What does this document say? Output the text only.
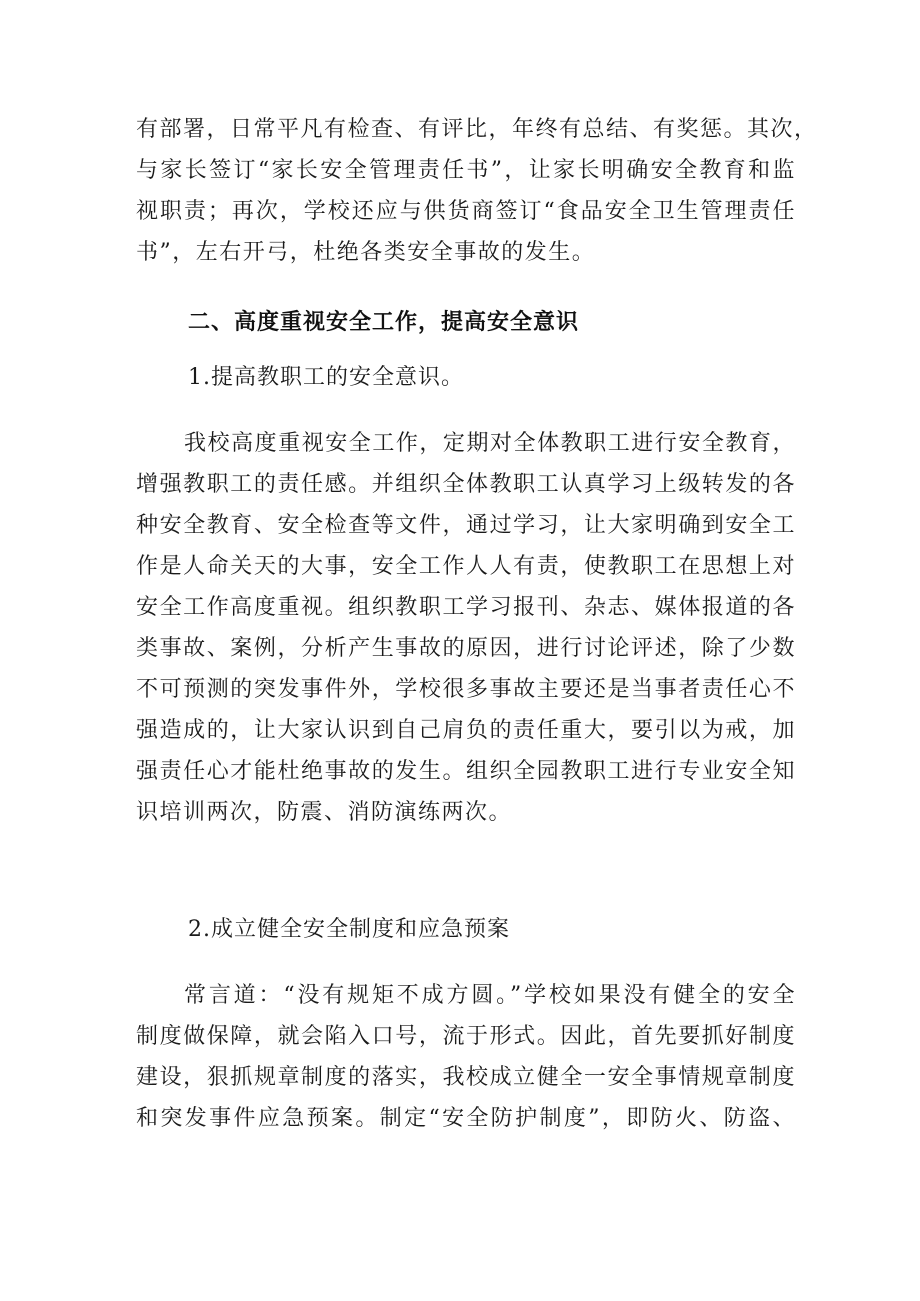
有部署，日常平凡有检查、有评比，年终有总结、有奖惩。其次，
与家长签订“家长安全管理责任书”，让家长明确安全教育和监
视职责；再次，学校还应与供货商签订“食品安全卫生管理责任
书”，左右开弓，杜绝各类安全事故的发生。
二、高度重视安全工作，提高安全意识
1.提高教职工的安全意识。
我校高度重视安全工作，定期对全体教职工进行安全教育，
增强教职工的责任感。并组织全体教职工认真学习上级转发的各
种安全教育、安全检查等文件，通过学习，让大家明确到安全工
作是人命关天的大事，安全工作人人有责，使教职工在思想上对
安全工作高度重视。组织教职工学习报刊、杂志、媒体报道的各
类事故、案例，分析产生事故的原因，进行讨论评述，除了少数
不可预测的突发事件外，学校很多事故主要还是当事者责任心不
强造成的，让大家认识到自己肩负的责任重大，要引以为戒，加
强责任心才能杜绝事故的发生。组织全园教职工进行专业安全知
识培训两次，防震、消防演练两次。
2.成立健全安全制度和应急预案
常言道：“没有规矩不成方圆。”学校如果没有健全的安全
制度做保障，就会陷入口号，流于形式。因此，首先要抓好制度
建设，狠抓规章制度的落实，我校成立健全一安全事情规章制度
和突发事件应急预案。制定“安全防护制度”，即防火、防盗、
